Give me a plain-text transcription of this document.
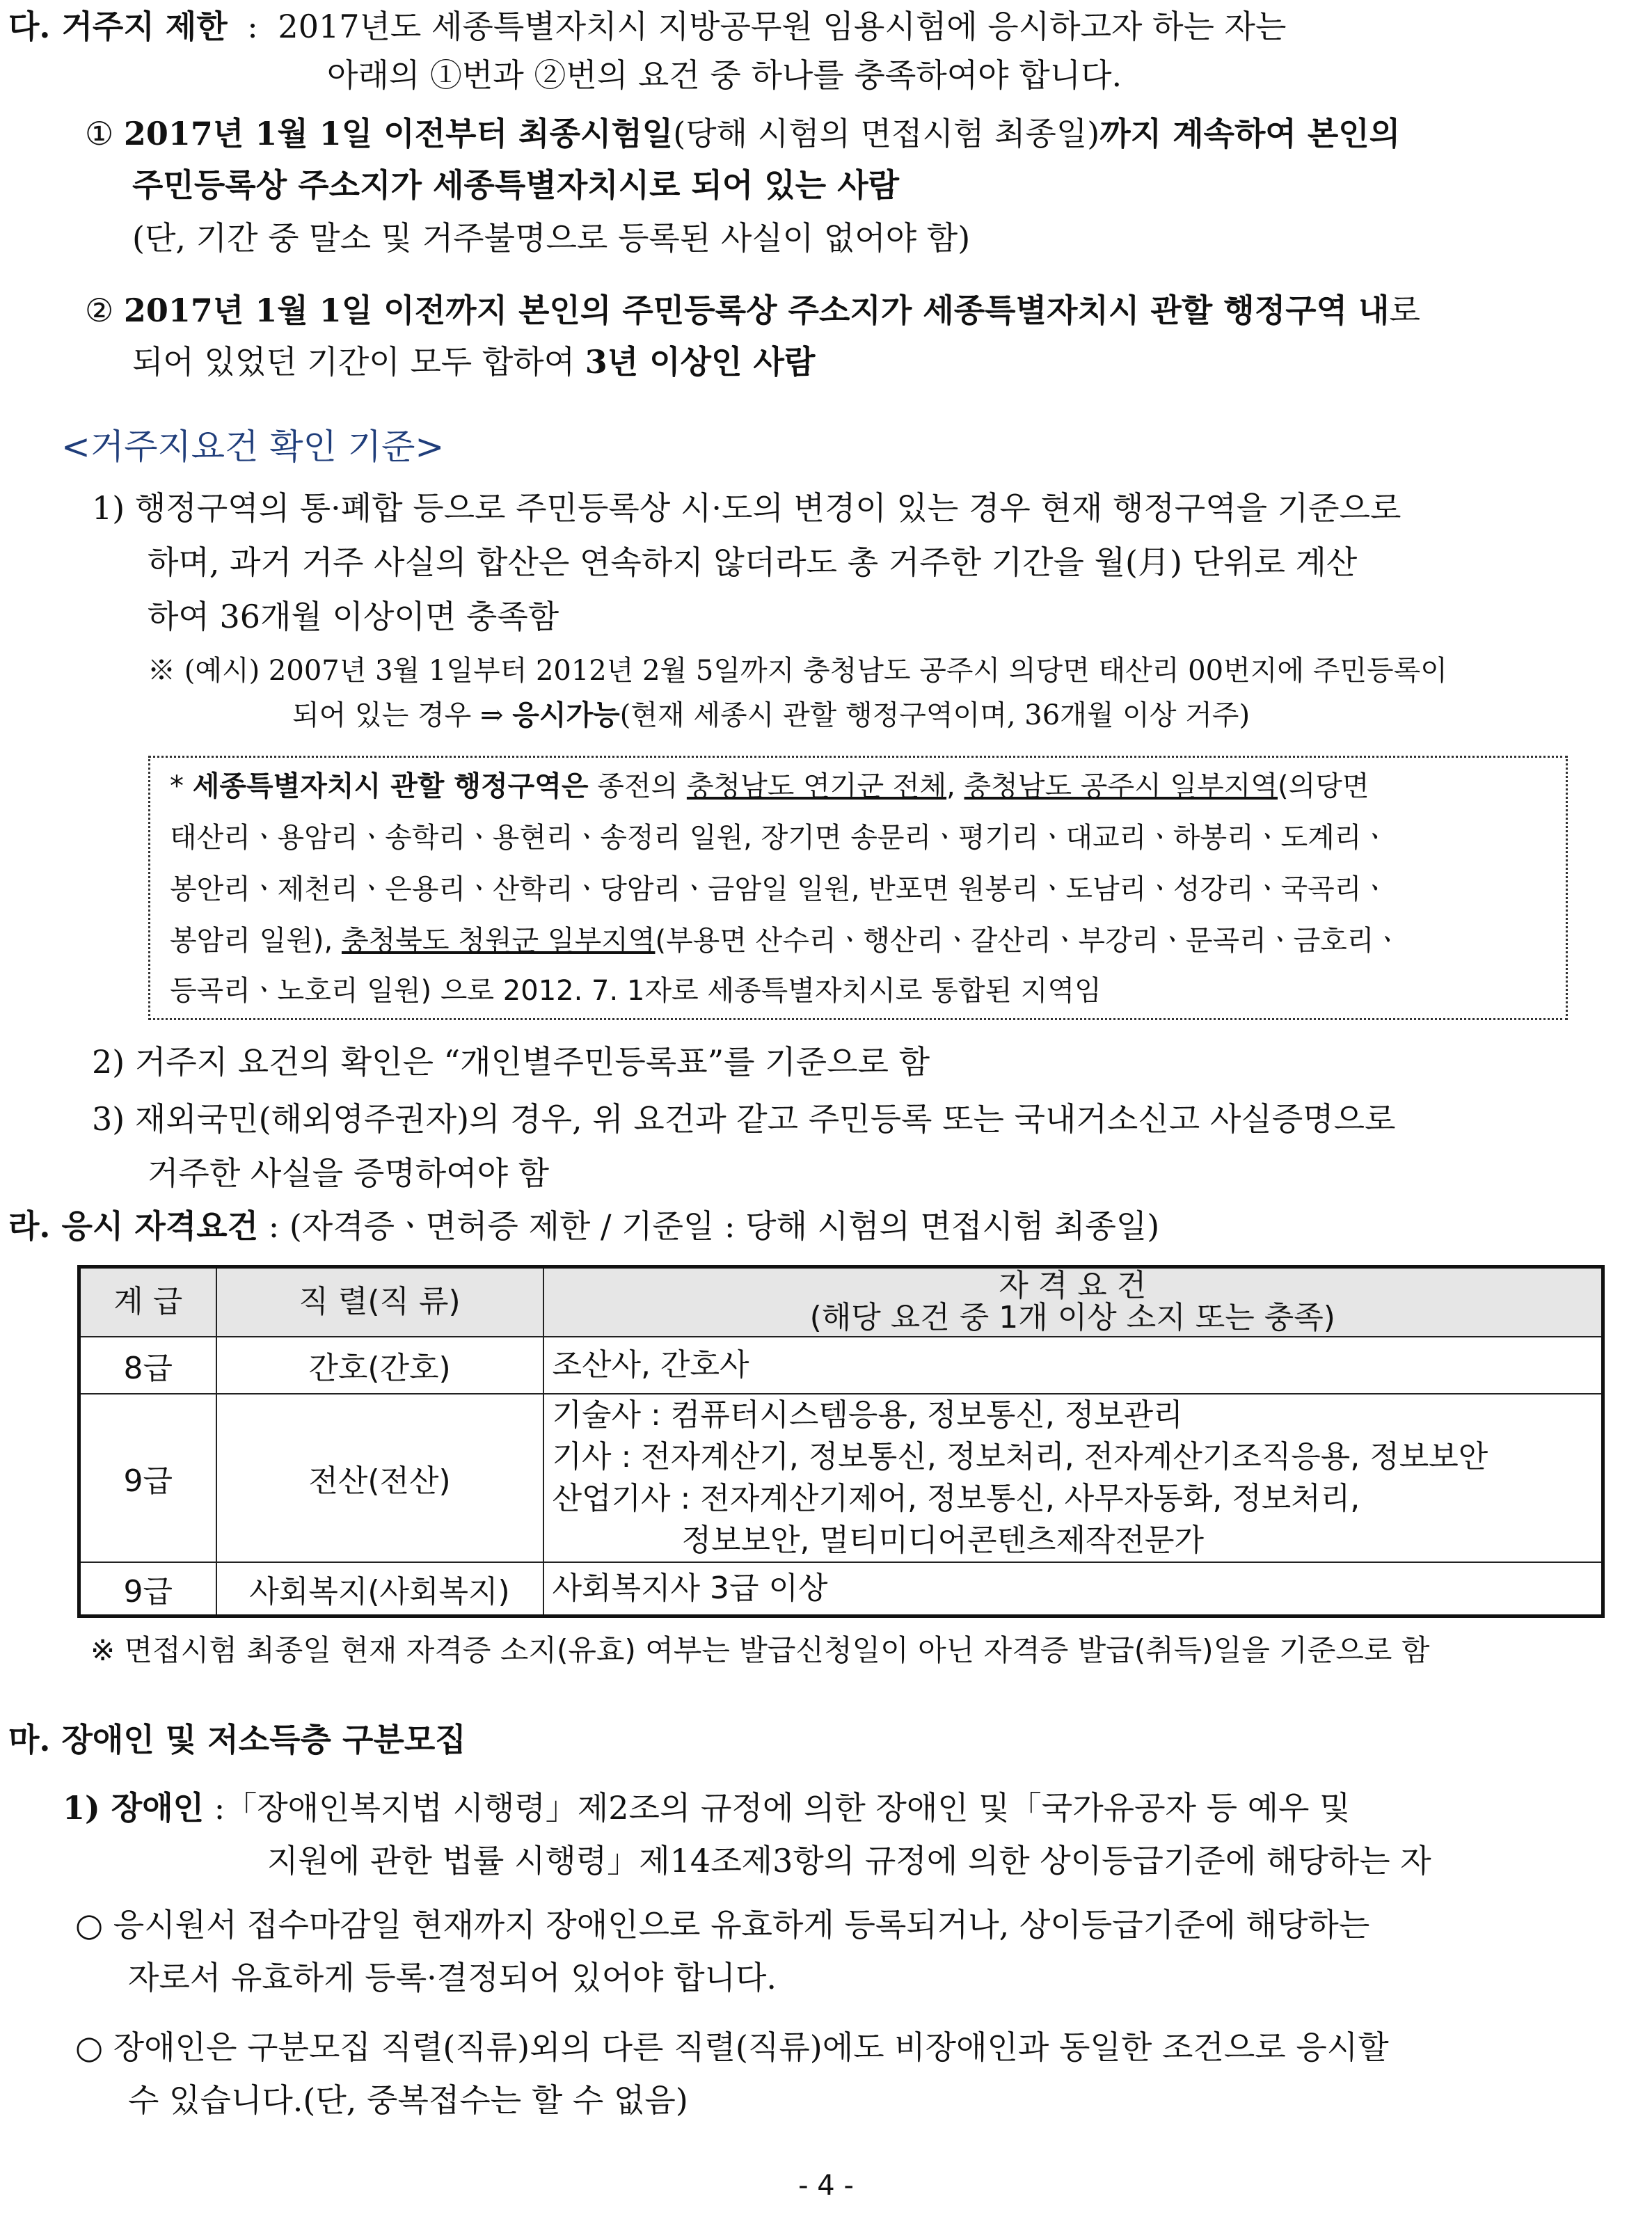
다. 거주지 제한 : 2017년도 세종특별자치시 지방공무원 임용시험에 응시하고자 하는 자는
아래의 ①번과 ②번의 요건 중 하나를 충족하여야 합니다.
① 2017년 1월 1일 이전부터 최종시험일(당해 시험의 면접시험 최종일)까지 계속하여 본인의
주민등록상 주소지가 세종특별자치시로 되어 있는 사람
(단, 기간 중 말소 및 거주불명으로 등록된 사실이 없어야 함)
② 2017년 1월 1일 이전까지 본인의 주민등록상 주소지가 세종특별자치시 관할 행정구역 내로
되어 있었던 기간이 모두 합하여 3년 이상인 사람
<거주지요건 확인 기준>
1) 행정구역의 통·폐합 등으로 주민등록상 시·도의 변경이 있는 경우 현재 행정구역을 기준으로
하며, 과거 거주 사실의 합산은 연속하지 않더라도 총 거주한 기간을 월(月) 단위로 계산
하여 36개월 이상이면 충족함
※ (예시) 2007년 3월 1일부터 2012년 2월 5일까지 충청남도 공주시 의당면 태산리 00번지에 주민등록이
되어 있는 경우 ⇒ 응시가능(현재 세종시 관할 행정구역이며, 36개월 이상 거주)
* 세종특별자치시 관할 행정구역은 종전의 충청남도 연기군 전체, 충청남도 공주시 일부지역(의당면
태산리ㆍ용암리ㆍ송학리ㆍ용현리ㆍ송정리 일원, 장기면 송문리ㆍ평기리ㆍ대교리ㆍ하봉리ㆍ도계리ㆍ
봉안리ㆍ제천리ㆍ은용리ㆍ산학리ㆍ당암리ㆍ금암일 일원, 반포면 원봉리ㆍ도남리ㆍ성강리ㆍ국곡리ㆍ
봉암리 일원), 충청북도 청원군 일부지역(부용면 산수리ㆍ행산리ㆍ갈산리ㆍ부강리ㆍ문곡리ㆍ금호리ㆍ
등곡리ㆍ노호리 일원) 으로 2012. 7. 1자로 세종특별자치시로 통합된 지역임
2) 거주지 요건의 확인은 “개인별주민등록표”를 기준으로 함
3) 재외국민(해외영주권자)의 경우, 위 요건과 같고 주민등록 또는 국내거소신고 사실증명으로
거주한 사실을 증명하여야 함
라. 응시 자격요건 : (자격증ㆍ면허증 제한 / 기준일 : 당해 시험의 면접시험 최종일)
계 급	직 렬(직 류)	자 격 요 건
(해당 요건 중 1개 이상 소지 또는 충족)

8급	간호(간호)	조산사, 간호사
9급	전산(전산)	기술사 : 컴퓨터시스템응용, 정보통신, 정보관리
기사 : 전자계산기, 정보통신, 정보처리, 전자계산기조직응용, 정보보안
산업기사 : 전자계산기제어, 정보통신, 사무자동화, 정보처리,
정보보안, 멀티미디어콘텐츠제작전문가

9급	사회복지(사회복지)	사회복지사 3급 이상
※ 면접시험 최종일 현재 자격증 소지(유효) 여부는 발급신청일이 아닌 자격증 발급(취득)일을 기준으로 함
마. 장애인 및 저소득층 구분모집
1) 장애인 :「장애인복지법 시행령」제2조의 규정에 의한 장애인 및「국가유공자 등 예우 및
지원에 관한 법률 시행령」제14조제3항의 규정에 의한 상이등급기준에 해당하는 자
○ 응시원서 접수마감일 현재까지 장애인으로 유효하게 등록되거나, 상이등급기준에 해당하는
자로서 유효하게 등록·결정되어 있어야 합니다.
○ 장애인은 구분모집 직렬(직류)외의 다른 직렬(직류)에도 비장애인과 동일한 조건으로 응시할
수 있습니다.(단, 중복접수는 할 수 없음)
- 4 -
